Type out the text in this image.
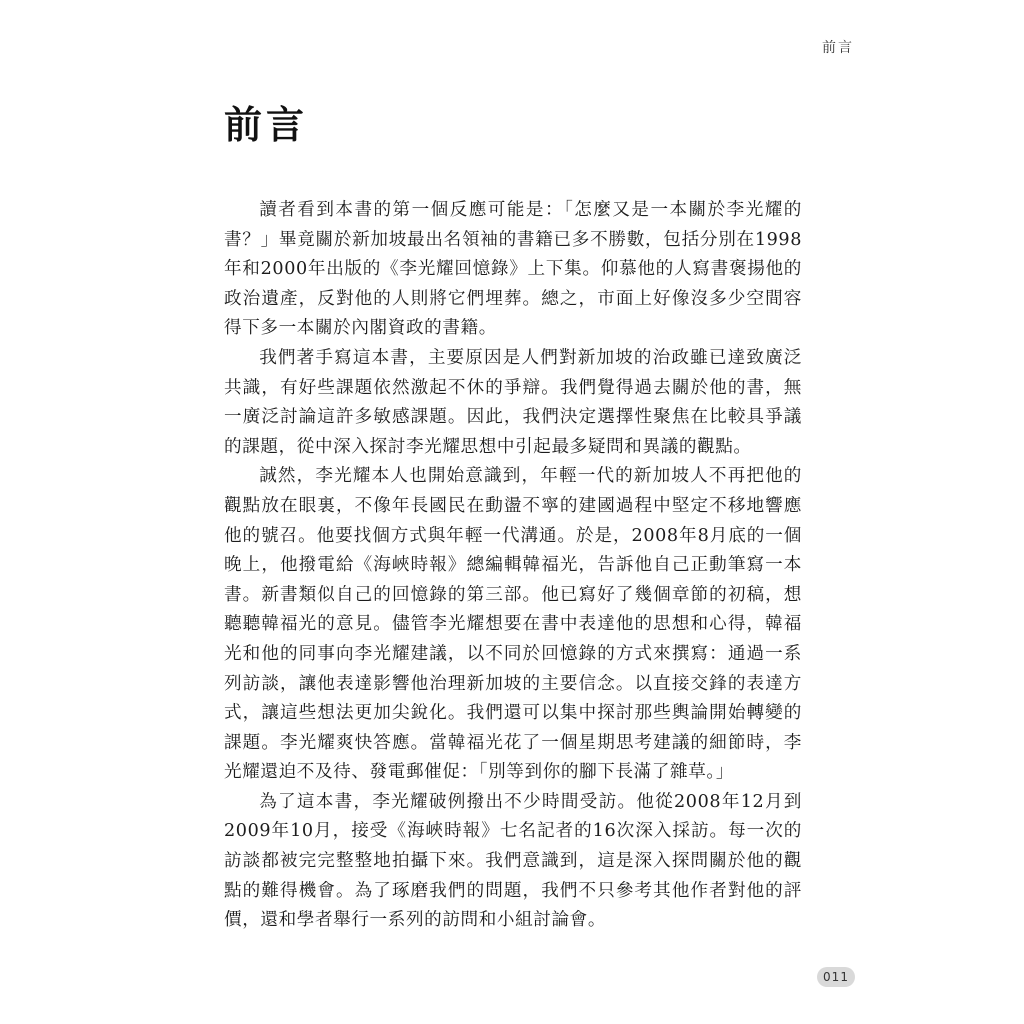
前言
前言

讀者看到本書的第一個反應可能是：「怎麼又是一本關於李光耀的書？」畢竟關於新加坡最出名領袖的書籍已多不勝數，包括分別在1998年和2000年出版的《李光耀回憶錄》上下集。仰慕他的人寫書褒揚他的政治遺產，反對他的人則將它們埋葬。總之，市面上好像沒多少空間容得下多一本關於內閣資政的書籍。

我們著手寫這本書，主要原因是人們對新加坡的治政雖已達致廣泛共識，有好些課題依然激起不休的爭辯。我們覺得過去關於他的書，無一廣泛討論這許多敏感課題。因此，我們決定選擇性聚焦在比較具爭議的課題，從中深入探討李光耀思想中引起最多疑問和異議的觀點。

誠然，李光耀本人也開始意識到，年輕一代的新加坡人不再把他的觀點放在眼裏，不像年長國民在動盪不寧的建國過程中堅定不移地響應他的號召。他要找個方式與年輕一代溝通。於是，2008年8月底的一個晚上，他撥電給《海峽時報》總編輯韓福光，告訴他自己正動筆寫一本書。新書類似自己的回憶錄的第三部。他已寫好了幾個章節的初稿，想聽聽韓福光的意見。儘管李光耀想要在書中表達他的思想和心得，韓福光和他的同事向李光耀建議，以不同於回憶錄的方式來撰寫：通過一系列訪談，讓他表達影響他治理新加坡的主要信念。以直接交鋒的表達方式，讓這些想法更加尖銳化。我們還可以集中探討那些輿論開始轉變的課題。李光耀爽快答應。當韓福光花了一個星期思考建議的細節時，李光耀還迫不及待、發電郵催促：「別等到你的腳下長滿了雜草。」

為了這本書，李光耀破例撥出不少時間受訪。他從2008年12月到2009年10月，接受《海峽時報》七名記者的16次深入採訪。每一次的訪談都被完完整整地拍攝下來。我們意識到，這是深入探問關於他的觀點的難得機會。為了琢磨我們的問題，我們不只參考其他作者對他的評價，還和學者舉行一系列的訪問和小組討論會。

011
